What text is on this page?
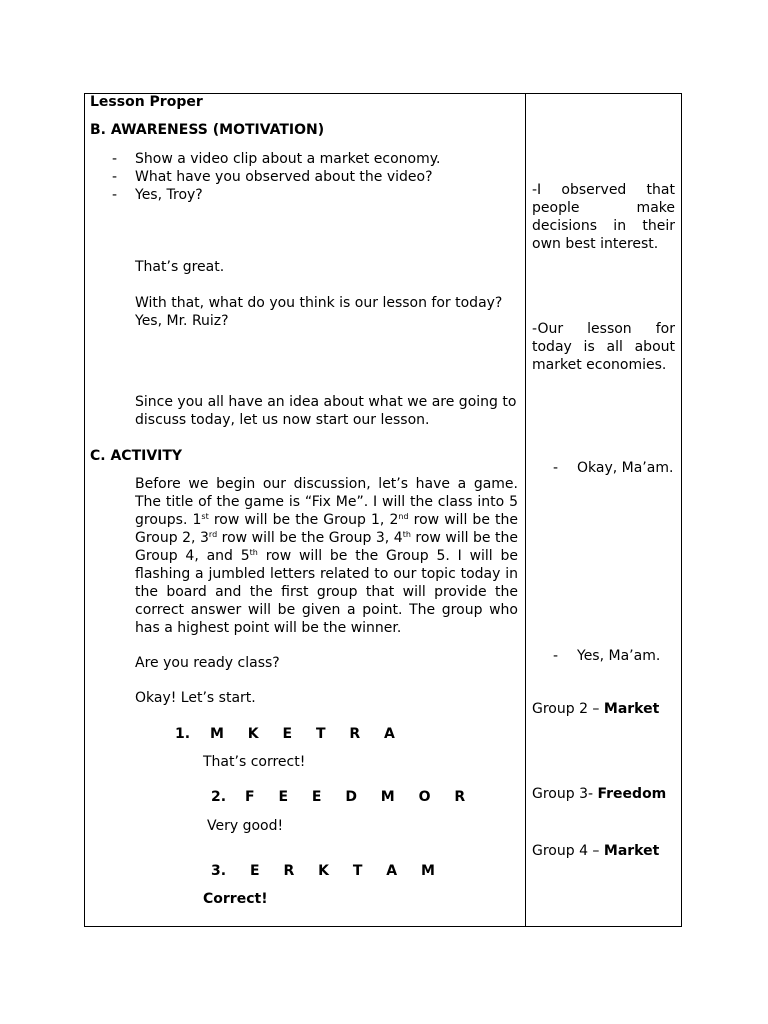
Lesson Proper
B. AWARENESS (MOTIVATION)
- Show a video clip about a market economy.
- What have you observed about the video?
- Yes, Troy?
That’s great.
With that, what do you think is our lesson for today?
Yes, Mr. Ruiz?
Since you all have an idea about what we are going to
discuss today, let us now start our lesson.
C. ACTIVITY
Before we begin our discussion, let’s have a game.
The title of the game is “Fix Me”. I will the class into 5
groups. 1st row will be the Group 1, 2nd row will be the
Group 2, 3rd row will be the Group 3, 4th row will be the
Group 4, and 5th row will be the Group 5. I will be
flashing a jumbled letters related to our topic today in
the board and the first group that will provide the
correct answer will be given a point. The group who
has a highest point will be the winner.
Are you ready class?
Okay! Let’s start.
1. M K E T R A
That’s correct!
2. F E E D M O R
Very good!
3. E R K T A M
Correct!
-I observed that
people make
decisions in their
own best interest.
-Our lesson for
today is all about
market economies.
- Okay, Ma’am.
- Yes, Ma’am.
Group 2 – Market
Group 3- Freedom
Group 4 – Market
